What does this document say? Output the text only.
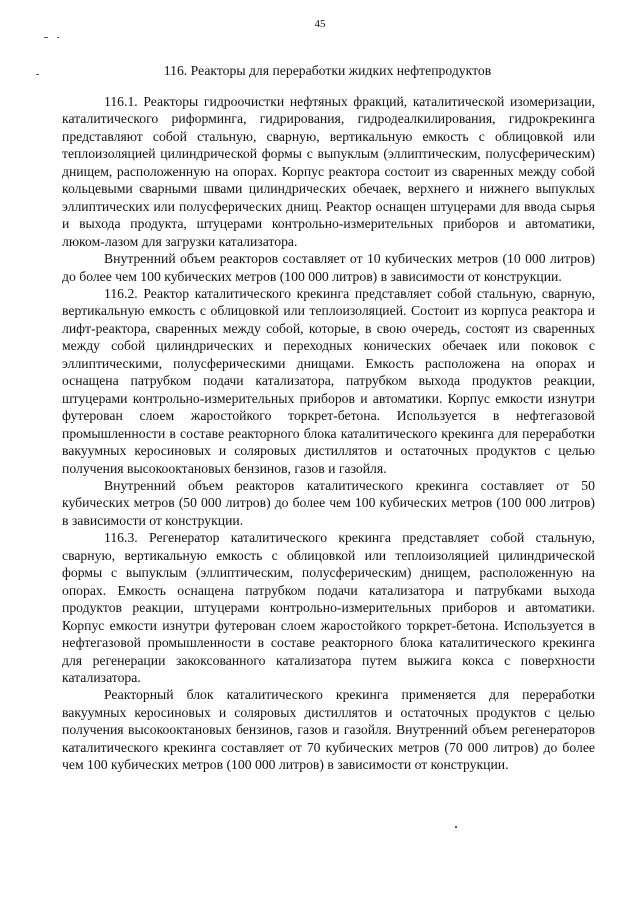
45
116. Реакторы для переработки жидких нефтепродуктов

116.1. Реакторы гидроочистки нефтяных фракций, каталитической изомеризации, каталитического риформинга, гидрирования, гидродеалкилирования, гидрокрекинга представляют собой стальную, сварную, вертикальную емкость с облицовкой или теплоизоляцией цилиндрической формы с выпуклым (эллиптическим, полусферическим) днищем, расположенную на опорах. Корпус реактора состоит из сваренных между собой кольцевыми сварными швами цилиндрических обечаек, верхнего и нижнего выпуклых эллиптических или полусферических днищ. Реактор оснащен штуцерами для ввода сырья и выхода продукта, штуцерами контрольно-измерительных приборов и автоматики, люком-лазом для загрузки катализатора.

Внутренний объем реакторов составляет от 10 кубических метров (10 000 литров) до более чем 100 кубических метров (100 000 литров) в зависимости от конструкции.

116.2. Реактор каталитического крекинга представляет собой стальную, сварную, вертикальную емкость с облицовкой или теплоизоляцией. Состоит из корпуса реактора и лифт-реактора, сваренных между собой, которые, в свою очередь, состоят из сваренных между собой цилиндрических и переходных конических обечаек или поковок с эллиптическими, полусферическими днищами. Емкость расположена на опорах и оснащена патрубком подачи катализатора, патрубком выхода продуктов реакции, штуцерами контрольно-измерительных приборов и автоматики. Корпус емкости изнутри футерован слоем жаростойкого торкрет-бетона. Используется в нефтегазовой промышленности в составе реакторного блока каталитического крекинга для переработки вакуумных керосиновых и соляровых дистиллятов и остаточных продуктов с целью получения высокооктановых бензинов, газов и газойля.

Внутренний объем реакторов каталитического крекинга составляет от 50 кубических метров (50 000 литров) до более чем 100 кубических метров (100 000 литров) в зависимости от конструкции.

116.3. Регенератор каталитического крекинга представляет собой стальную, сварную, вертикальную емкость с облицовкой или теплоизоляцией цилиндрической формы с выпуклым (эллиптическим, полусферическим) днищем, расположенную на опорах. Емкость оснащена патрубком подачи катализатора и патрубками выхода продуктов реакции, штуцерами контрольно-измерительных приборов и автоматики. Корпус емкости изнутри футерован слоем жаростойкого торкрет-бетона. Используется в нефтегазовой промышленности в составе реакторного блока каталитического крекинга для регенерации закоксованного катализатора путем выжига кокса с поверхности катализатора.

Реакторный блок каталитического крекинга применяется для переработки вакуумных керосиновых и соляровых дистиллятов и остаточных продуктов с целью получения высокооктановых бензинов, газов и газойля. Внутренний объем регенераторов каталитического крекинга составляет от 70 кубических метров (70 000 литров) до более чем 100 кубических метров (100 000 литров) в зависимости от конструкции.
